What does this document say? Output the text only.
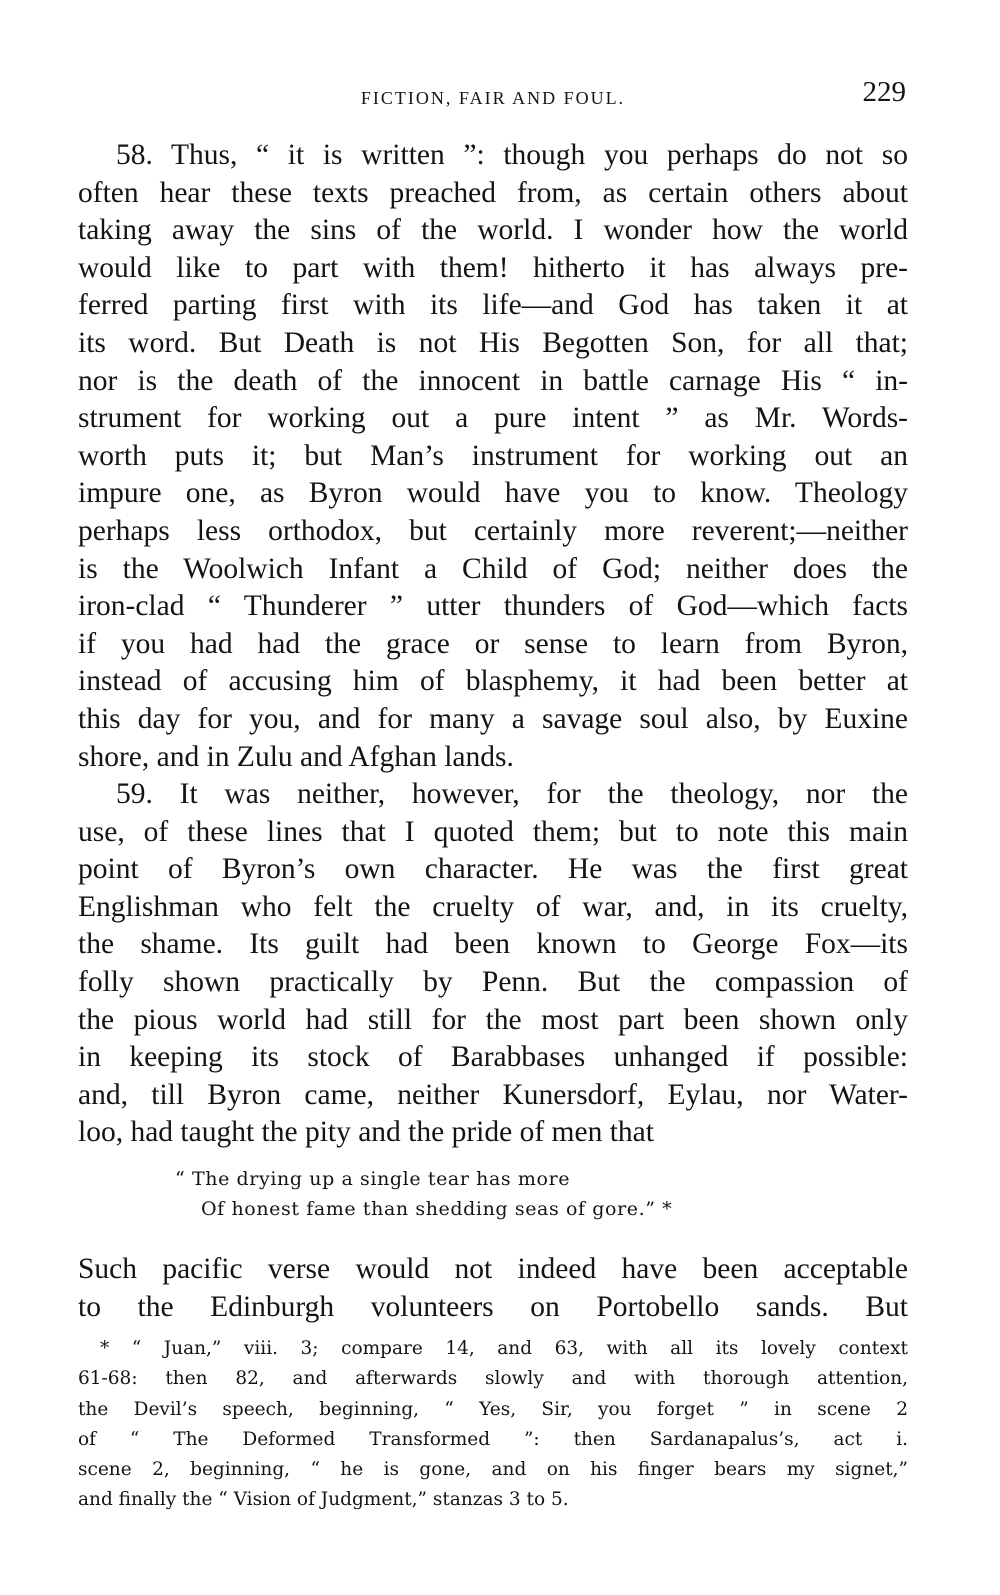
FICTION, FAIR AND FOUL.	229
58. Thus, “ it is written ”: though you perhaps do not so
often hear these texts preached from, as certain others about
taking away the sins of the world. I wonder how the world
would like to part with them! hitherto it has always pre-
ferred parting first with its life—and God has taken it at
its word. But Death is not His Begotten Son, for all that;
nor is the death of the innocent in battle carnage His “ in-
strument for working out a pure intent ” as Mr. Words-
worth puts it; but Man’s instrument for working out an
impure one, as Byron would have you to know. Theology
perhaps less orthodox, but certainly more reverent;—neither
is the Woolwich Infant a Child of God; neither does the
iron-clad “ Thunderer ” utter thunders of God—which facts
if you had had the grace or sense to learn from Byron,
instead of accusing him of blasphemy, it had been better at
this day for you, and for many a savage soul also, by Euxine
shore, and in Zulu and Afghan lands.
59. It was neither, however, for the theology, nor the
use, of these lines that I quoted them; but to note this main
point of Byron’s own character. He was the first great
Englishman who felt the cruelty of war, and, in its cruelty,
the shame. Its guilt had been known to George Fox—its
folly shown practically by Penn. But the compassion of
the pious world had still for the most part been shown only
in keeping its stock of Barabbases unhanged if possible:
and, till Byron came, neither Kunersdorf, Eylau, nor Water-
loo, had taught the pity and the pride of men that
“ The drying up a single tear has more
Of honest fame than shedding seas of gore.” *
Such pacific verse would not indeed have been acceptable
to the Edinburgh volunteers on Portobello sands. But
* “ Juan,” viii. 3; compare 14, and 63, with all its lovely context
61-68: then 82, and afterwards slowly and with thorough attention,
the Devil’s speech, beginning, “ Yes, Sir, you forget ” in scene 2
of “ The Deformed Transformed ”: then Sardanapalus’s, act i.
scene 2, beginning, “ he is gone, and on his finger bears my signet,”
and finally the “ Vision of Judgment,” stanzas 3 to 5.
